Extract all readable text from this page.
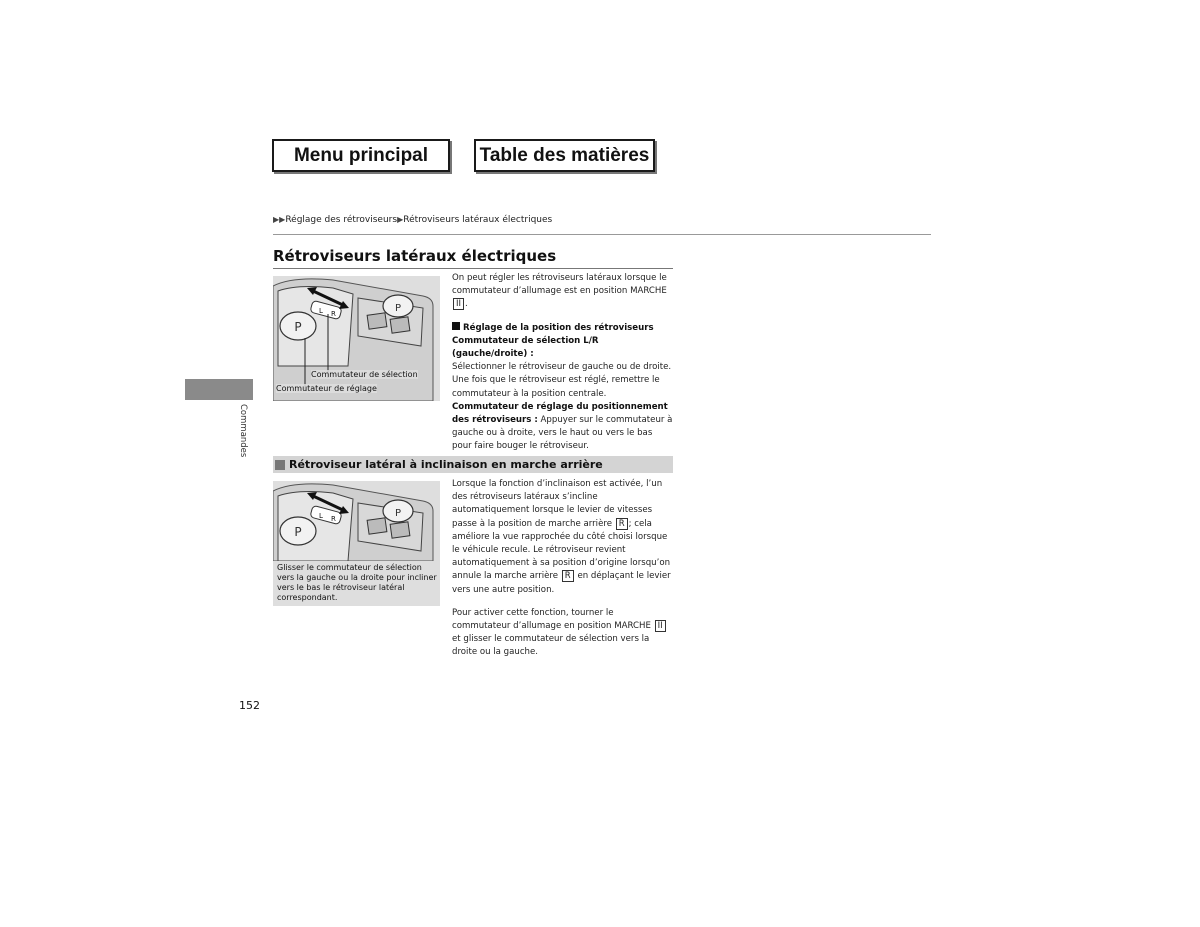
Menu principal	Table des matières
▶▶Réglage des rétroviseurs▶Rétroviseurs latéraux électriques
Rétroviseurs latéraux électriques
Commandes
P
P
L R
Commutateur de sélection
Commutateur de réglage

On peut régler les rétroviseurs latéraux lorsque le commutateur d’allumage est en position MARCHE II .

Réglage de la position des rétroviseurs

Commutateur de sélection L/R (gauche/droite) :
Sélectionner le rétroviseur de gauche ou de droite. Une fois que le rétroviseur est réglé, remettre le commutateur à la position centrale.

Commutateur de réglage du positionnement des rétroviseurs : Appuyer sur le commutateur à gauche ou à droite, vers le haut ou vers le bas pour faire bouger le rétroviseur.

Rétroviseur latéral à inclinaison en marche arrière
P
P
L R
Glisser le commutateur de sélection vers la gauche ou la droite pour incliner vers le bas le rétroviseur latéral correspondant.

Lorsque la fonction d’inclinaison est activée, l’un des rétroviseurs latéraux s’incline automatiquement lorsque le levier de vitesses passe à la position de marche arrière R ; cela améliore la vue rapprochée du côté choisi lorsque le véhicule recule. Le rétroviseur revient automatiquement à sa position d’origine lorsqu’on annule la marche arrière R en déplaçant le levier vers une autre position.

Pour activer cette fonction, tourner le commutateur d’allumage en position MARCHE II et glisser le commutateur de sélection vers la droite ou la gauche.

152
